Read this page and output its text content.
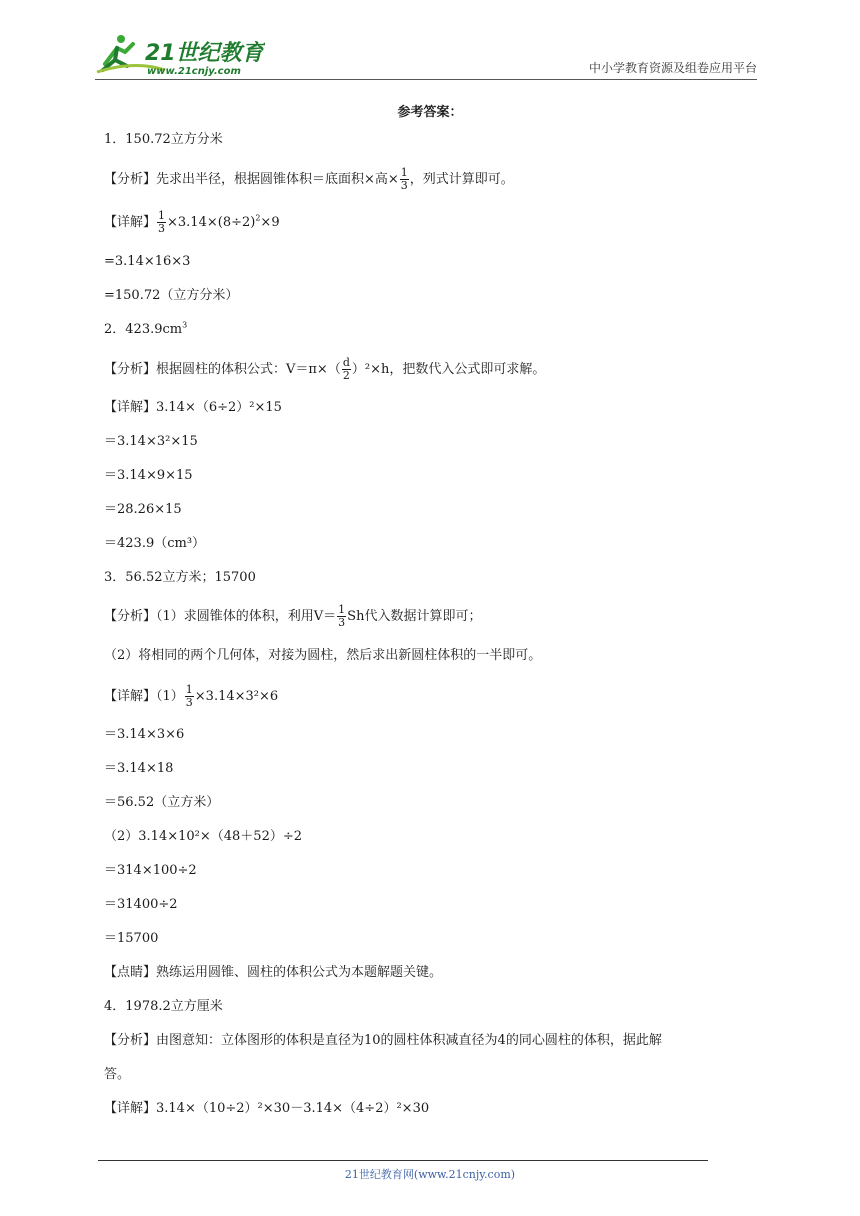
21世纪教育
www.21cnjy.com	中小学教育资源及组卷应用平台
参考答案：
1．150.72立方分米
【分析】先求出半径，根据圆锥体积＝底面积×高× $\frac{1}{3}$ ，列式计算即可。
【详解】 $\frac{1}{3} \times 3.14\times(8\div 2)^2\times 9$
=3.14×16×3
=150.72（立方分米）
2．$423.9cm^3$
【分析】根据圆柱的体积公式：$V=\pi\times( \frac{d}{2} )^2\times h$，把数代入公式即可求解。
【详解】3.14×（6÷2）²×15
＝3.14×3²×15
＝3.14×9×15
＝28.26×15
＝423.9（cm³）
3．56.52立方米；15700
【分析】（1）求圆锥体的体积，利用$V= \frac{1}{3}$ Sh代入数据计算即可；
（2）将相同的两个几何体，对接为圆柱，然后求出新圆柱体积的一半即可。
【详解】$(1) \frac{1}{3} \times 3.14\times 3^2\times 6$
＝3.14×3×6
＝3.14×18
＝56.52（立方米）
（2）3.14×10²×（48＋52）÷2
＝314×100÷2
＝31400÷2
＝15700
【点睛】熟练运用圆锥、圆柱的体积公式为本题解题关键。
4．1978.2立方厘米
【分析】由图意知：立体图形的体积是直径为10的圆柱体积减直径为4的同心圆柱的体积，据此解
答。
【详解】3.14×（10÷2）²×30－3.14×（4÷2）²×30
21世纪教育网(www.21cnjy.com)
